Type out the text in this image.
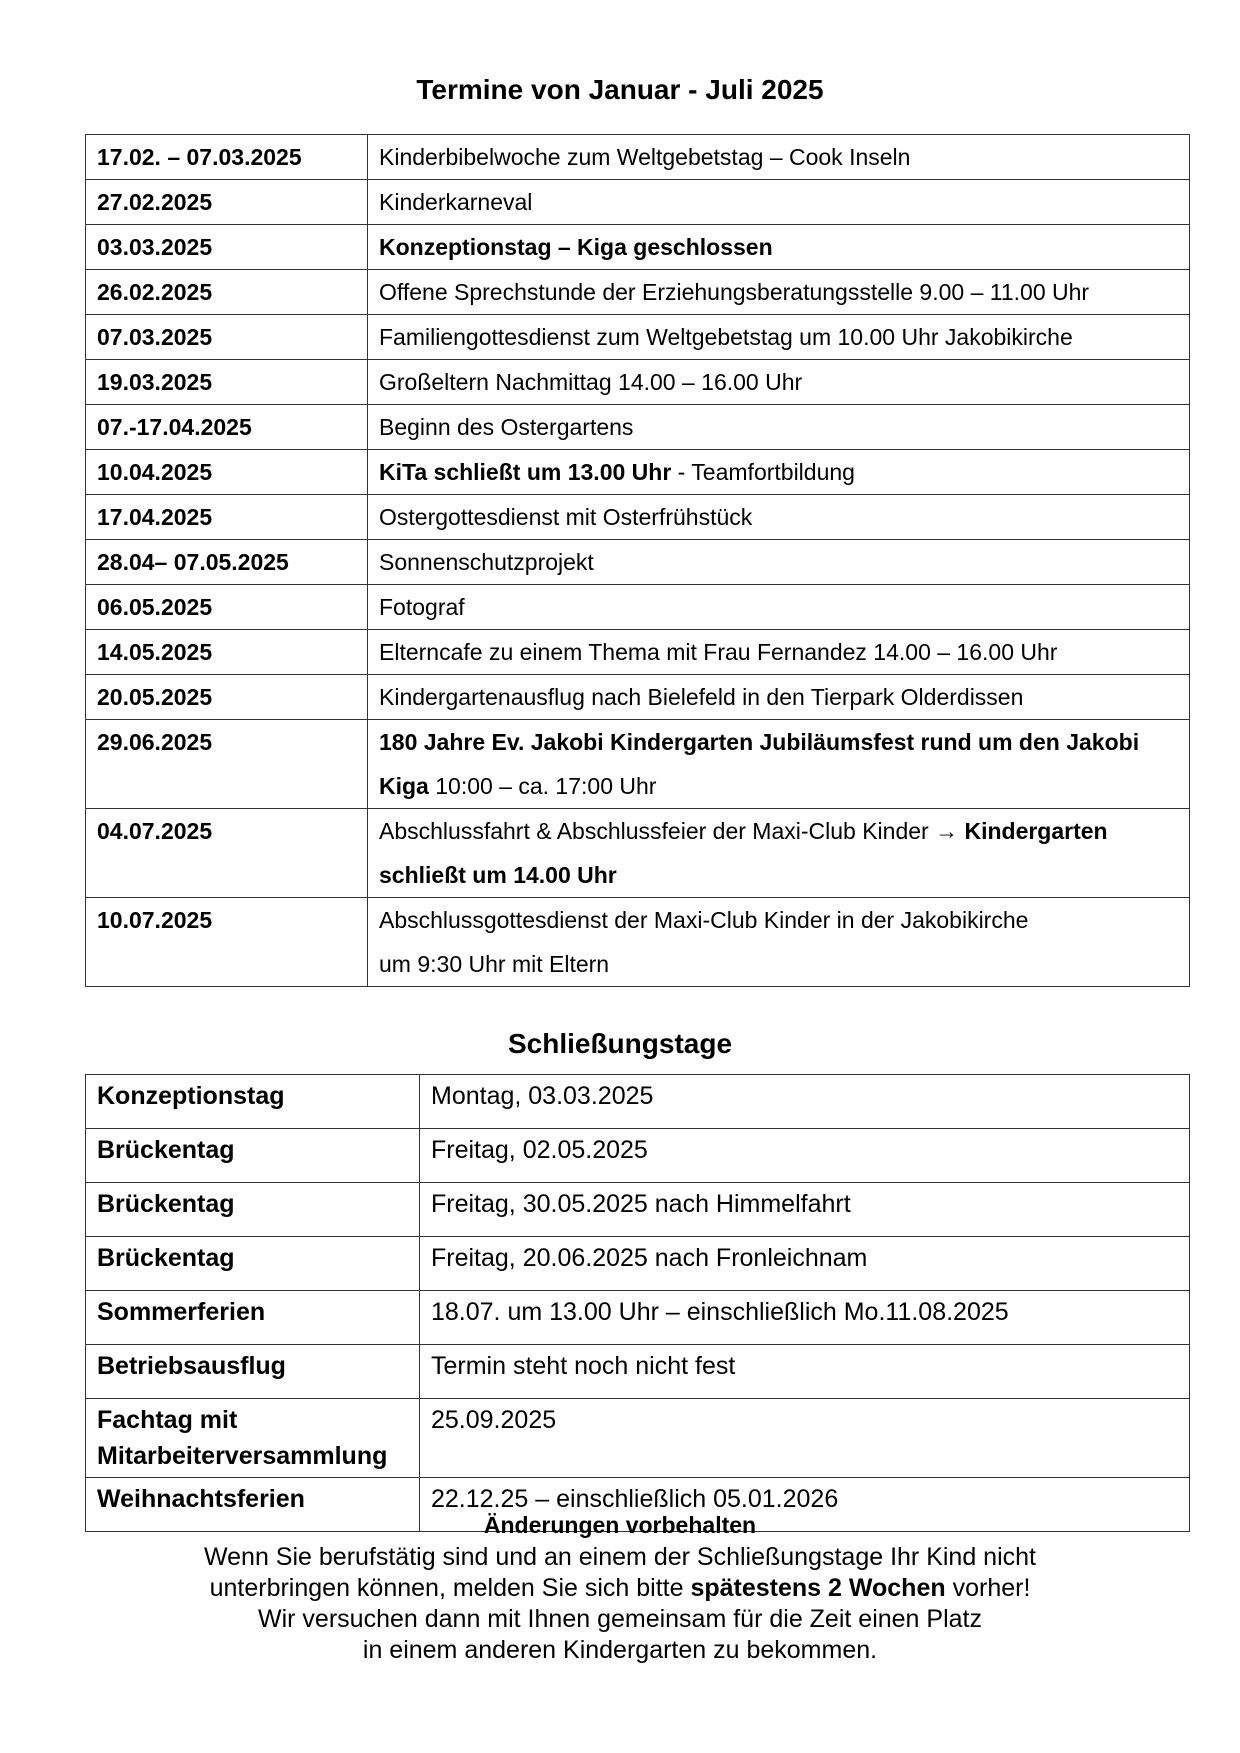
Termine von Januar - Juli 2025
17.02. – 07.03.2025	Kinderbibelwoche zum Weltgebetstag – Cook Inseln
27.02.2025	Kinderkarneval
03.03.2025	Konzeptionstag – Kiga geschlossen
26.02.2025	Offene Sprechstunde der Erziehungsberatungsstelle 9.00 – 11.00 Uhr
07.03.2025	Familiengottesdienst zum Weltgebetstag um 10.00 Uhr Jakobikirche
19.03.2025	Großeltern Nachmittag 14.00 – 16.00 Uhr
07.-17.04.2025	Beginn des Ostergartens
10.04.2025	KiTa schließt um 13.00 Uhr - Teamfortbildung
17.04.2025	Ostergottesdienst mit Osterfrühstück
28.04– 07.05.2025	Sonnenschutzprojekt
06.05.2025	Fotograf
14.05.2025	Elterncafe zu einem Thema mit Frau Fernandez 14.00 – 16.00 Uhr
20.05.2025	Kindergartenausflug nach Bielefeld in den Tierpark Olderdissen
29.06.2025	180 Jahre Ev. Jakobi Kindergarten Jubiläumsfest rund um den Jakobi Kiga 10:00 – ca. 17:00 Uhr
04.07.2025	Abschlussfahrt & Abschlussfeier der Maxi-Club Kinder → Kindergarten schließt um 14.00 Uhr
10.07.2025	Abschlussgottesdienst der Maxi-Club Kinder in der Jakobikirche
um 9:30 Uhr mit Eltern
Schließungstage
Konzeptionstag	Montag, 03.03.2025
Brückentag	Freitag, 02.05.2025
Brückentag	Freitag, 30.05.2025 nach Himmelfahrt
Brückentag	Freitag, 20.06.2025 nach Fronleichnam
Sommerferien	18.07. um 13.00 Uhr – einschließlich Mo.11.08.2025
Betriebsausflug	Termin steht noch nicht fest
Fachtag mit Mitarbeiterversammlung	25.09.2025
Weihnachtsferien	22.12.25 – einschließlich 05.01.2026
Änderungen vorbehalten
Wenn Sie berufstätig sind und an einem der Schließungstage Ihr Kind nicht
unterbringen können, melden Sie sich bitte spätestens 2 Wochen vorher!
Wir versuchen dann mit Ihnen gemeinsam für die Zeit einen Platz
in einem anderen Kindergarten zu bekommen.
